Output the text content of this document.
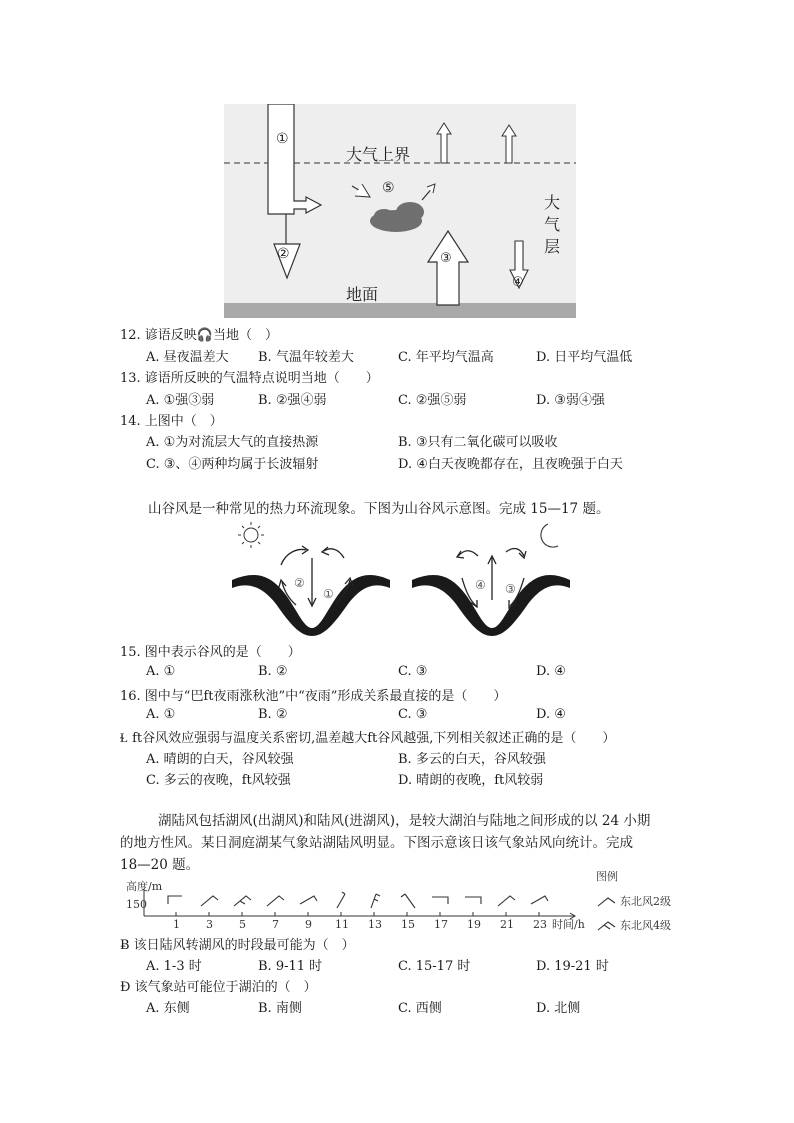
①
②	③
④
⑤
大气上界
大
气
层
地面
12. 谚语反映🎧当地（　）
A. 昼夜温差大 B. 气温年较差大	C. 年平均气温高	D. 日平均气温低
13. 谚语所反映的气温特点说明当地（　　）
A. ①强③弱	B. ②强④弱	C. ②强⑤弱	D. ③弱④强
14. 上图中（　）
A. ①为对流层大气的直接热源	B. ③只有二氧化碳可以吸收
C. ③、④两种均属于长波辐射	D. ④白天夜晚都存在，且夜晚强于白天
山谷风是一种常见的热力环流现象。下图为山谷风示意图。完成 15—17 题。
②
①
④ ③
15. 图中表示谷风的是（　　）
A. ①	B. ②	C. ③	D. ④
16. 图中与“巴ft夜雨涨秋池”中“夜雨”形成关系最直接的是（　　）
A. ①	B. ②	C. ③	D. ④
Ɫ ft谷风效应强弱与温度关系密切,温差越大ft谷风越强,下列相关叙述正确的是（　　）
A. 晴朗的白天，谷风较强	B. 多云的白天，谷风较强
C. 多云的夜晚，ft风较强	D. 晴朗的夜晚，ft风较弱
湖陆风包括湖风(出湖风)和陆风(进湖风)，是较大湖泊与陆地之间形成的以 24 小期
的地方性风。某日洞庭湖某气象站湖陆风明显。下图示意该日该气象站风向统计。完成
18—20 题。
高度/m
150
1 3 5 7 9 11 13 15 17 19 21 23 时间/h
图例
东北风2级
东北风4级
Ƀ 该日陆风转湖风的时段最可能为（　）
A. 1-3 时	B. 9-11 时	C. 15-17 时	D. 19-21 时
Ð 该气象站可能位于湖泊的（　）
A. 东侧	B. 南侧	C. 西侧	D. 北侧
